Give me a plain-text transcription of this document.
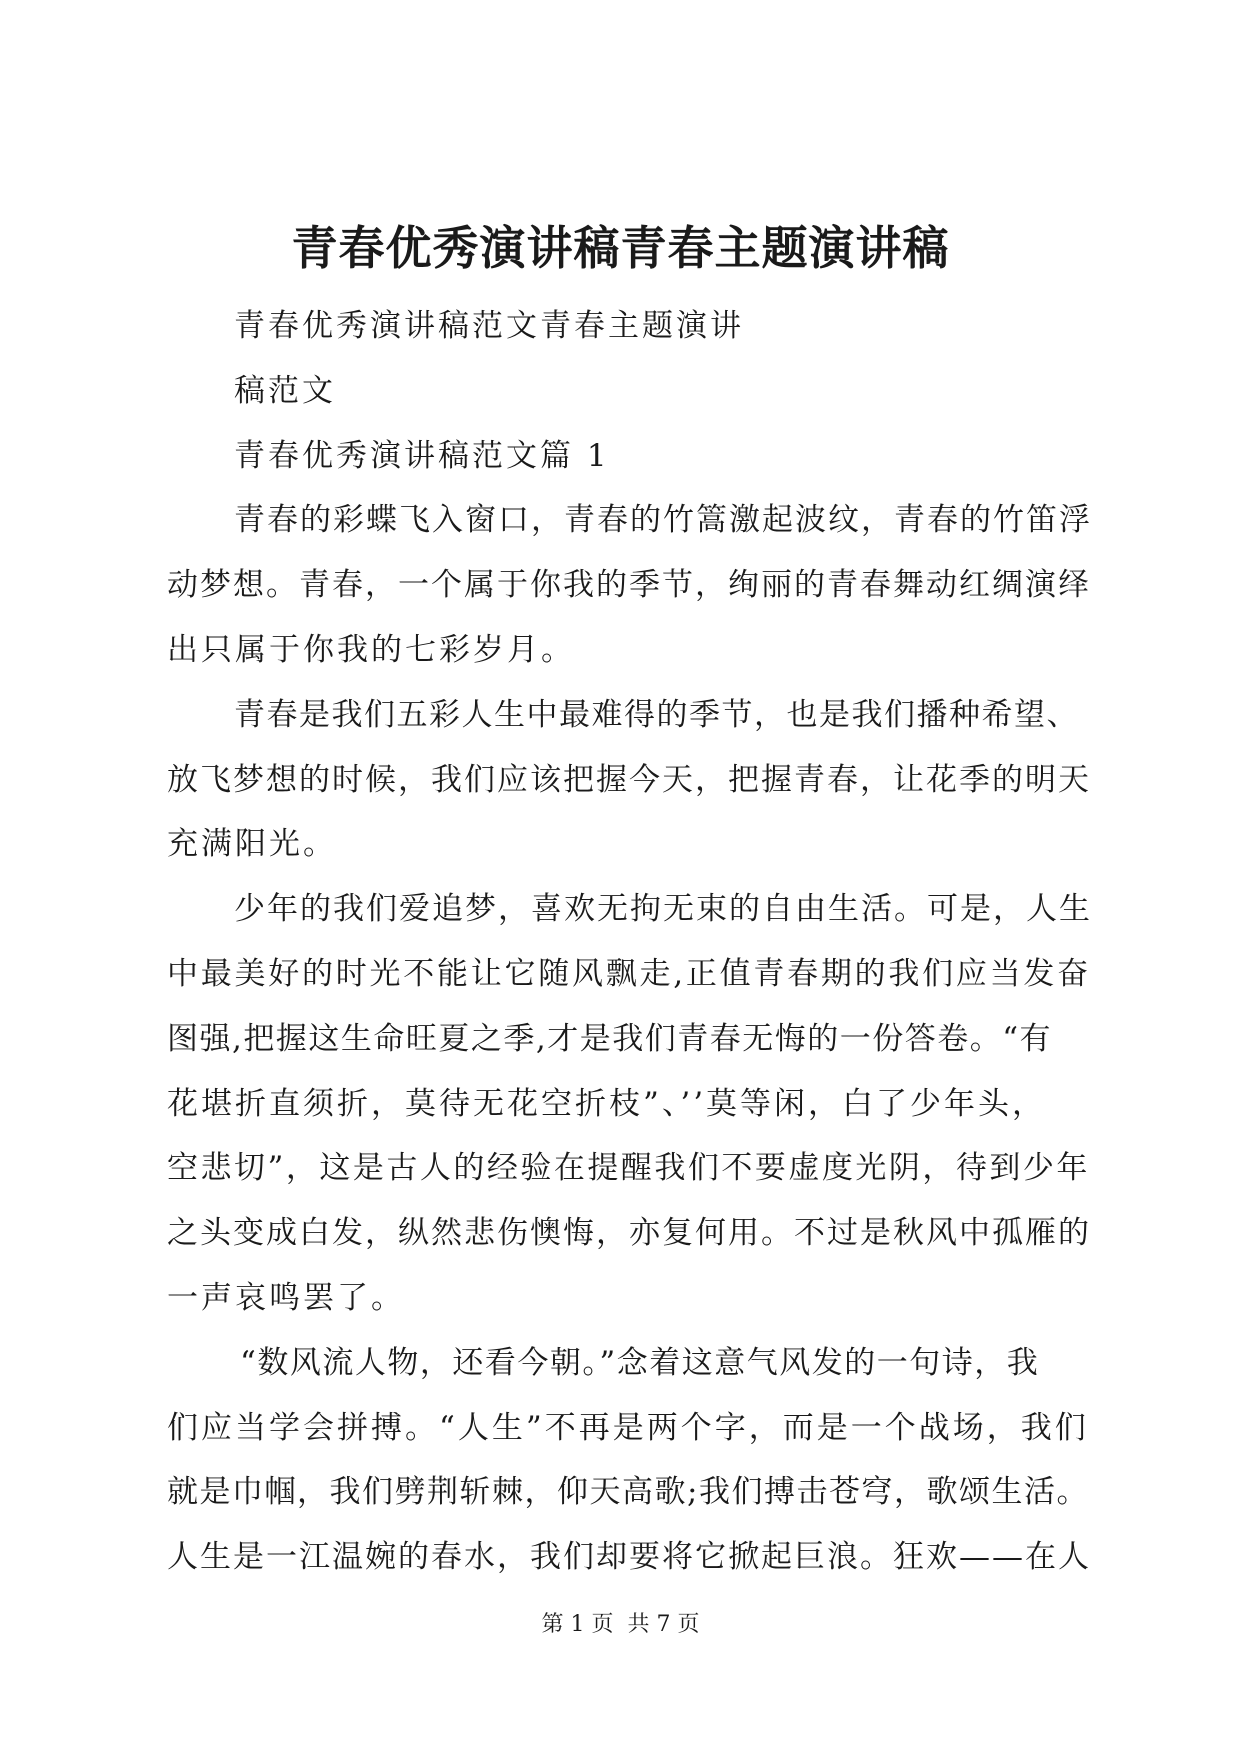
青春优秀演讲稿青春主题演讲稿
青春优秀演讲稿范文青春主题演讲
稿范文
青春优秀演讲稿范文篇 1
青春的彩蝶飞入窗口，青春的竹篙激起波纹，青春的竹笛浮
动梦想。青春，一个属于你我的季节，绚丽的青春舞动红绸演绎
出只属于你我的七彩岁月。
青春是我们五彩人生中最难得的季节，也是我们播种希望、
放飞梦想的时候，我们应该把握今天，把握青春，让花季的明天
充满阳光。
少年的我们爱追梦，喜欢无拘无束的自由生活。可是，人生
中最美好的时光不能让它随风飘走,正值青春期的我们应当发奋
图强,把握这生命旺夏之季,才是我们青春无悔的一份答卷。“有
花堪折直须折，莫待无花空折枝”、’’莫等闲，白了少年头，
空悲切”，这是古人的经验在提醒我们不要虚度光阴，待到少年
之头变成白发，纵然悲伤懊悔，亦复何用。不过是秋风中孤雁的
一声哀鸣罢了。
“数风流人物，还看今朝。”念着这意气风发的一句诗，我
们应当学会拼搏。“人生”不再是两个字，而是一个战场，我们
就是巾帼，我们劈荆斩棘，仰天高歌;我们搏击苍穹，歌颂生活。
人生是一江温婉的春水，我们却要将它掀起巨浪。狂欢——在人
第 1 页 共 7 页
